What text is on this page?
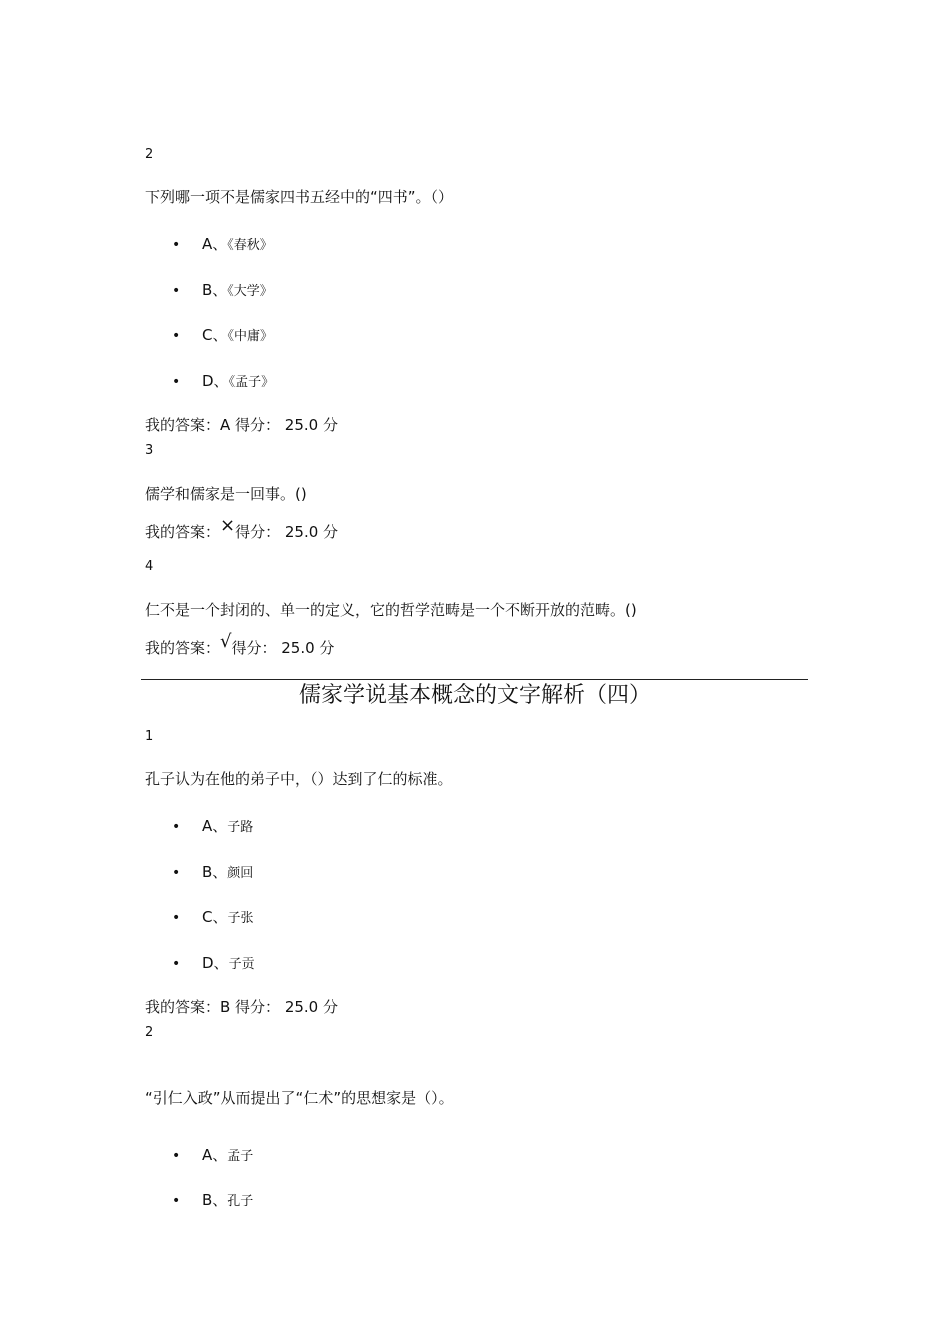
2
下列哪一项不是儒家四书五经中的“四书”。（）
• A、《春秋》
• B、《大学》
• C、《中庸》
• D、《孟子》
我的答案：A 得分： 25.0 分
3
儒学和儒家是一回事。()
我的答案：×得分： 25.0 分
4
仁不是一个封闭的、单一的定义，它的哲学范畴是一个不断开放的范畴。()
我的答案：√得分： 25.0 分
儒家学说基本概念的文字解析（四）
1
孔子认为在他的弟子中，（）达到了仁的标准。
• A、子路
• B、颜回
• C、子张
• D、子贡
我的答案：B 得分： 25.0 分
2
“引仁入政”从而提出了“仁术”的思想家是（）。
• A、孟子
• B、孔子
